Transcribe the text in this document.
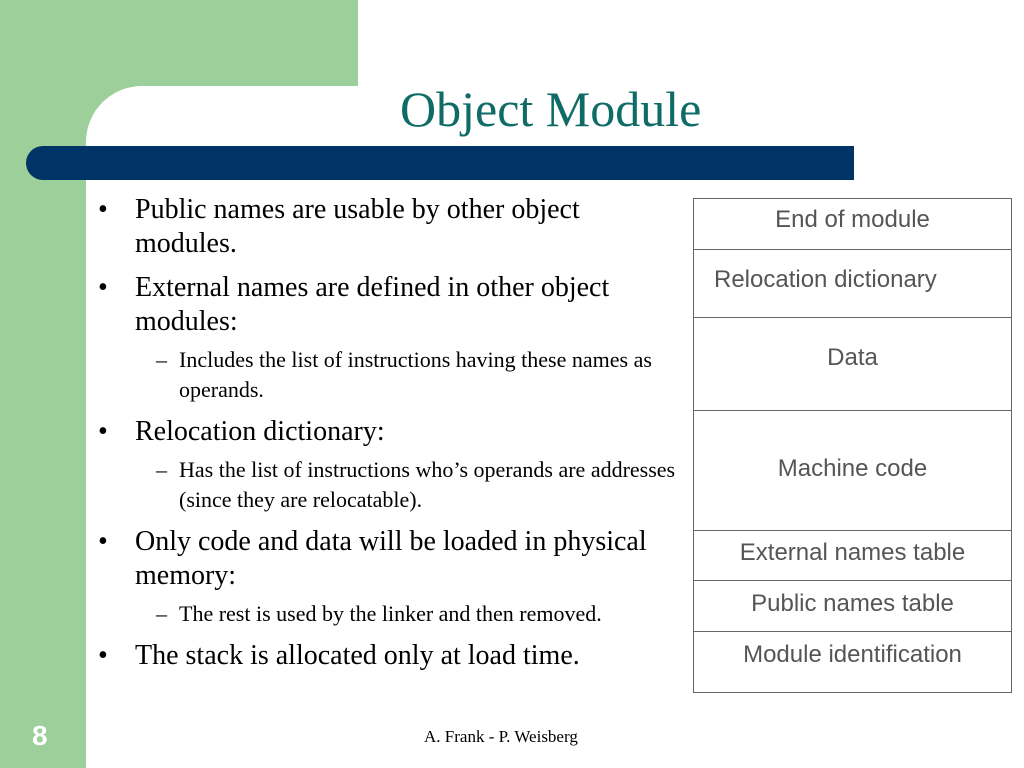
Object Module
• Public names are usable by other object modules.
• External names are defined in other object modules:
– Includes the list of instructions having these names as operands.
• Relocation dictionary:
– Has the list of instructions who’s operands are addresses (since they are relocatable).
• Only code and data will be loaded in physical memory:
– The rest is used by the linker and then removed.
• The stack is allocated only at load time.
End of module
Relocation dictionary
Data
Machine code
External names table
Public names table
Module identification
8	A. Frank - P. Weisberg
